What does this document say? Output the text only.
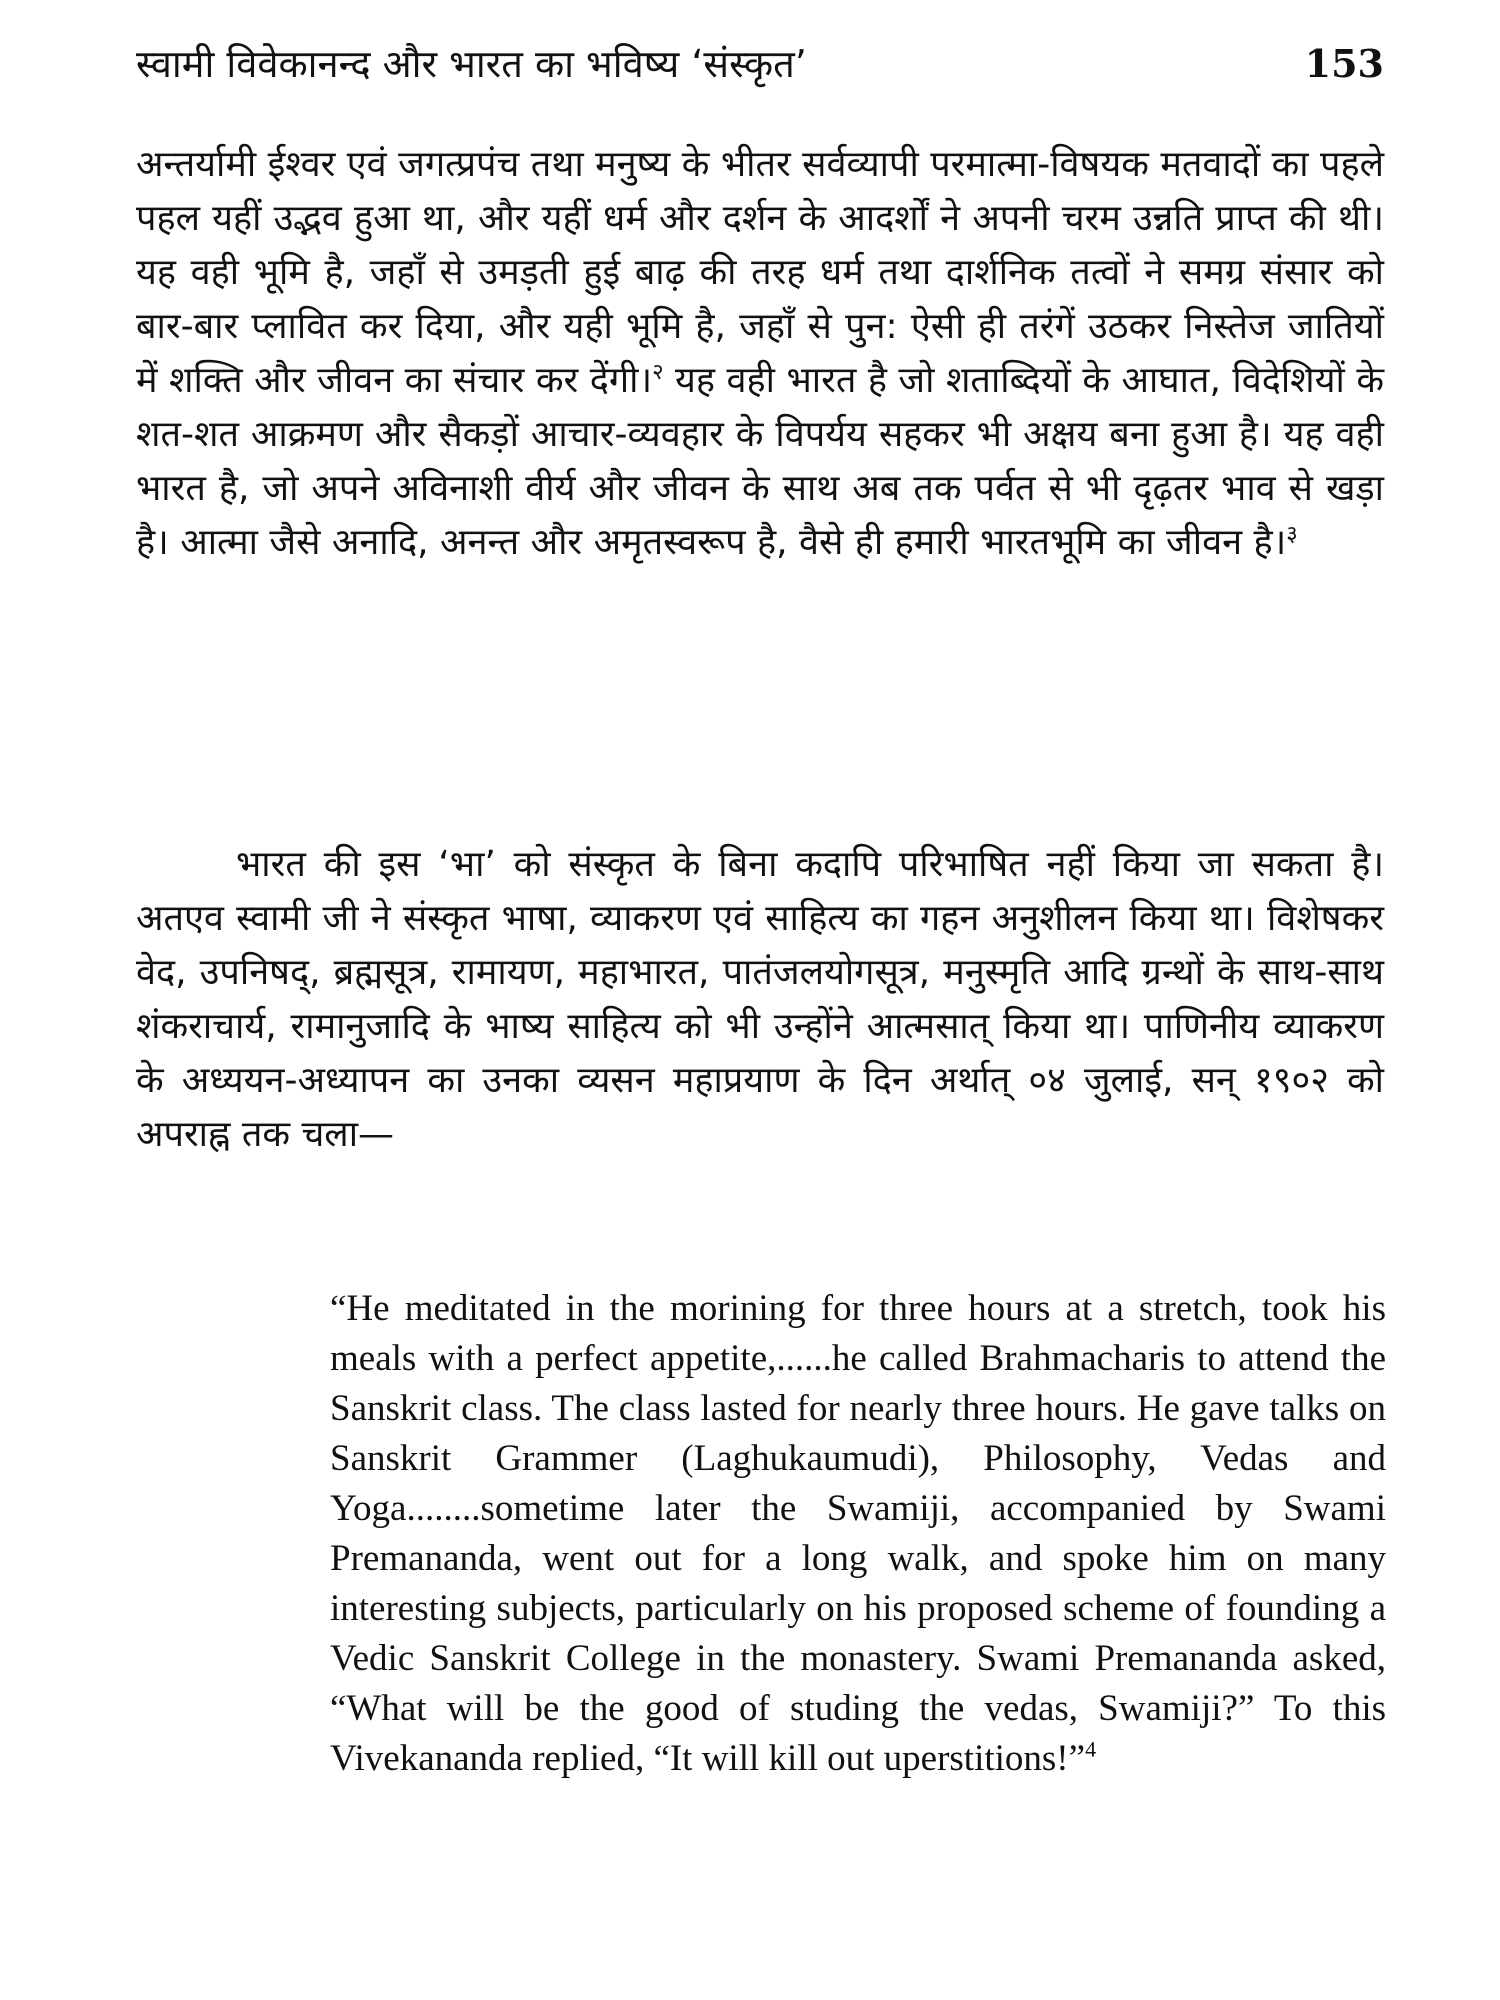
स्वामी विवेकानन्द और भारत का भविष्य ‘संस्कृत’	153

अन्तर्यामी ईश्वर एवं जगत्प्रपंच तथा मनुष्य के भीतर सर्वव्यापी परमात्मा-विषयक मतवादों का पहले पहल यहीं उद्भव हुआ था, और यहीं धर्म और दर्शन के आदर्शों ने अपनी चरम उन्नति प्राप्त की थी। यह वही भूमि है, जहाँ से उमड़ती हुई बाढ़ की तरह धर्म तथा दार्शनिक तत्वों ने समग्र संसार को बार-बार प्लावित कर दिया, और यही भूमि है, जहाँ से पुन: ऐसी ही तरंगें उठकर निस्तेज जातियों में शक्ति और जीवन का संचार कर देंगी।$^२$ यह वही भारत है जो शताब्दियों के आघात, विदेशियों के शत-शत आक्रमण और सैकड़ों आचार-व्यवहार के विपर्यय सहकर भी अक्षय बना हुआ है। यह वही भारत है, जो अपने अविनाशी वीर्य और जीवन के साथ अब तक पर्वत से भी दृढ़तर भाव से खड़ा है। आत्मा जैसे अनादि, अनन्त और अमृतस्वरूप है, वैसे ही हमारी भारतभूमि का जीवन है।$^३$

भारत की इस ‘भा’ को संस्कृत के बिना कदापि परिभाषित नहीं किया जा सकता है। अतएव स्वामी जी ने संस्कृत भाषा, व्याकरण एवं साहित्य का गहन अनुशीलन किया था। विशेषकर वेद, उपनिषद्, ब्रह्मसूत्र, रामायण, महाभारत, पातंजलयोगसूत्र, मनुस्मृति आदि ग्रन्थों के साथ-साथ शंकराचार्य, रामानुजादि के भाष्य साहित्य को भी उन्होंने आत्मसात् किया था। पाणिनीय व्याकरण के अध्ययन-अध्यापन का उनका व्यसन महाप्रयाण के दिन अर्थात् ०४ जुलाई, सन् १९०२ को अपराह्न तक चला—

“He meditated in the morining for three hours at a stretch, took his meals with a perfect appetite,......he called Brahmacharis to attend the Sanskrit class. The class lasted for nearly three hours. He gave talks on Sanskrit Grammer (Laghukaumudi), Philosophy, Vedas and Yoga........sometime later the Swamiji, accompanied by Swami Premananda, went out for a long walk, and spoke him on many interesting subjects, particularly on his proposed scheme of founding a Vedic Sanskrit College in the monastery. Swami Premananda asked, “What will be the good of studing the vedas, Swamiji?” To this Vivekananda replied, “It will kill out uperstitions!”$^4$
